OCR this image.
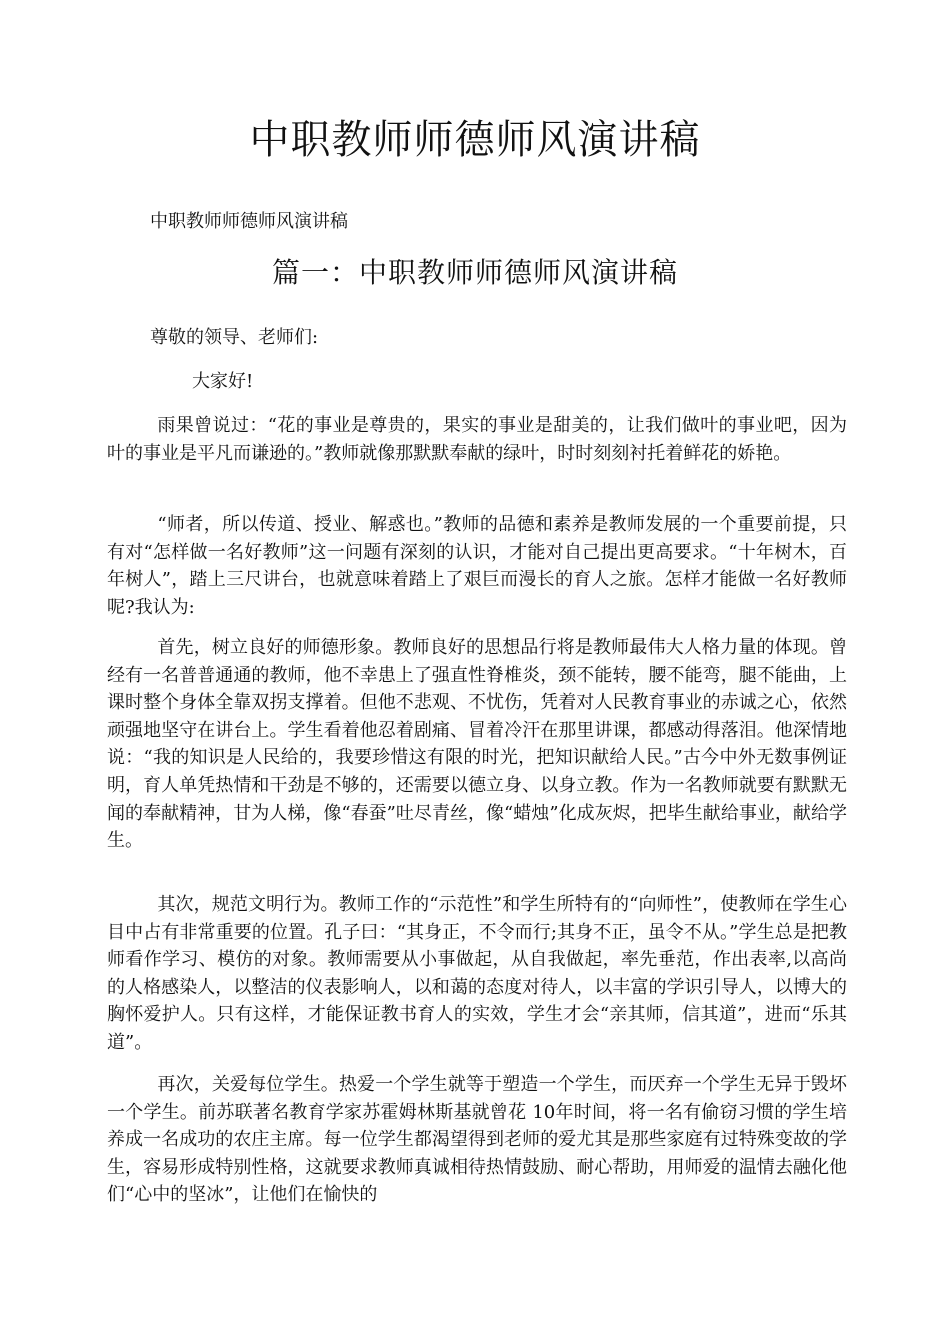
中职教师师德师风演讲稿
中职教师师德师风演讲稿
篇一：中职教师师德师风演讲稿
尊敬的领导、老师们:
大家好!

雨果曾说过：“花的事业是尊贵的，果实的事业是甜美的，让我们做叶的事业吧，因为叶的事业是平凡而谦逊的。”教师就像那默默奉献的绿叶，时时刻刻衬托着鲜花的娇艳。

“师者，所以传道、授业、解惑也。”教师的品德和素养是教师发展的一个重要前提，只有对“怎样做一名好教师”这一问题有深刻的认识，才能对自己提出更高要求。“十年树木，百年树人”，踏上三尺讲台，也就意味着踏上了艰巨而漫长的育人之旅。怎样才能做一名好教师呢?我认为:

首先，树立良好的师德形象。教师良好的思想品行将是教师最伟大人格力量的体现。曾经有一名普普通通的教师，他不幸患上了强直性脊椎炎，颈不能转，腰不能弯，腿不能曲，上课时整个身体全靠双拐支撑着。但他不悲观、不忧伤，凭着对人民教育事业的赤诚之心，依然顽强地坚守在讲台上。学生看着他忍着剧痛、冒着冷汗在那里讲课，都感动得落泪。他深情地说：“我的知识是人民给的，我要珍惜这有限的时光，把知识献给人民。”古今中外无数事例证明，育人单凭热情和干劲是不够的，还需要以德立身、以身立教。作为一名教师就要有默默无闻的奉献精神，甘为人梯，像“春蚕”吐尽青丝，像“蜡烛”化成灰烬，把毕生献给事业，献给学生。

其次，规范文明行为。教师工作的“示范性”和学生所特有的“向师性”，使教师在学生心目中占有非常重要的位置。孔子曰：“其身正，不令而行;其身不正，虽令不从。”学生总是把教师看作学习、模仿的对象。教师需要从小事做起，从自我做起，率先垂范，作出表率,以高尚的人格感染人，以整洁的仪表影响人，以和蔼的态度对待人，以丰富的学识引导人，以博大的胸怀爱护人。只有这样，才能保证教书育人的实效，学生才会“亲其师，信其道”，进而“乐其道”。

再次，关爱每位学生。热爱一个学生就等于塑造一个学生，而厌弃一个学生无异于毁坏一个学生。前苏联著名教育学家苏霍姆林斯基就曾花 10年时间，将一名有偷窃习惯的学生培养成一名成功的农庄主席。每一位学生都渴望得到老师的爱尤其是那些家庭有过特殊变故的学生，容易形成特别性格，这就要求教师真诚相待热情鼓励、耐心帮助，用师爱的温情去融化他们“心中的坚冰”，让他们在愉快的
